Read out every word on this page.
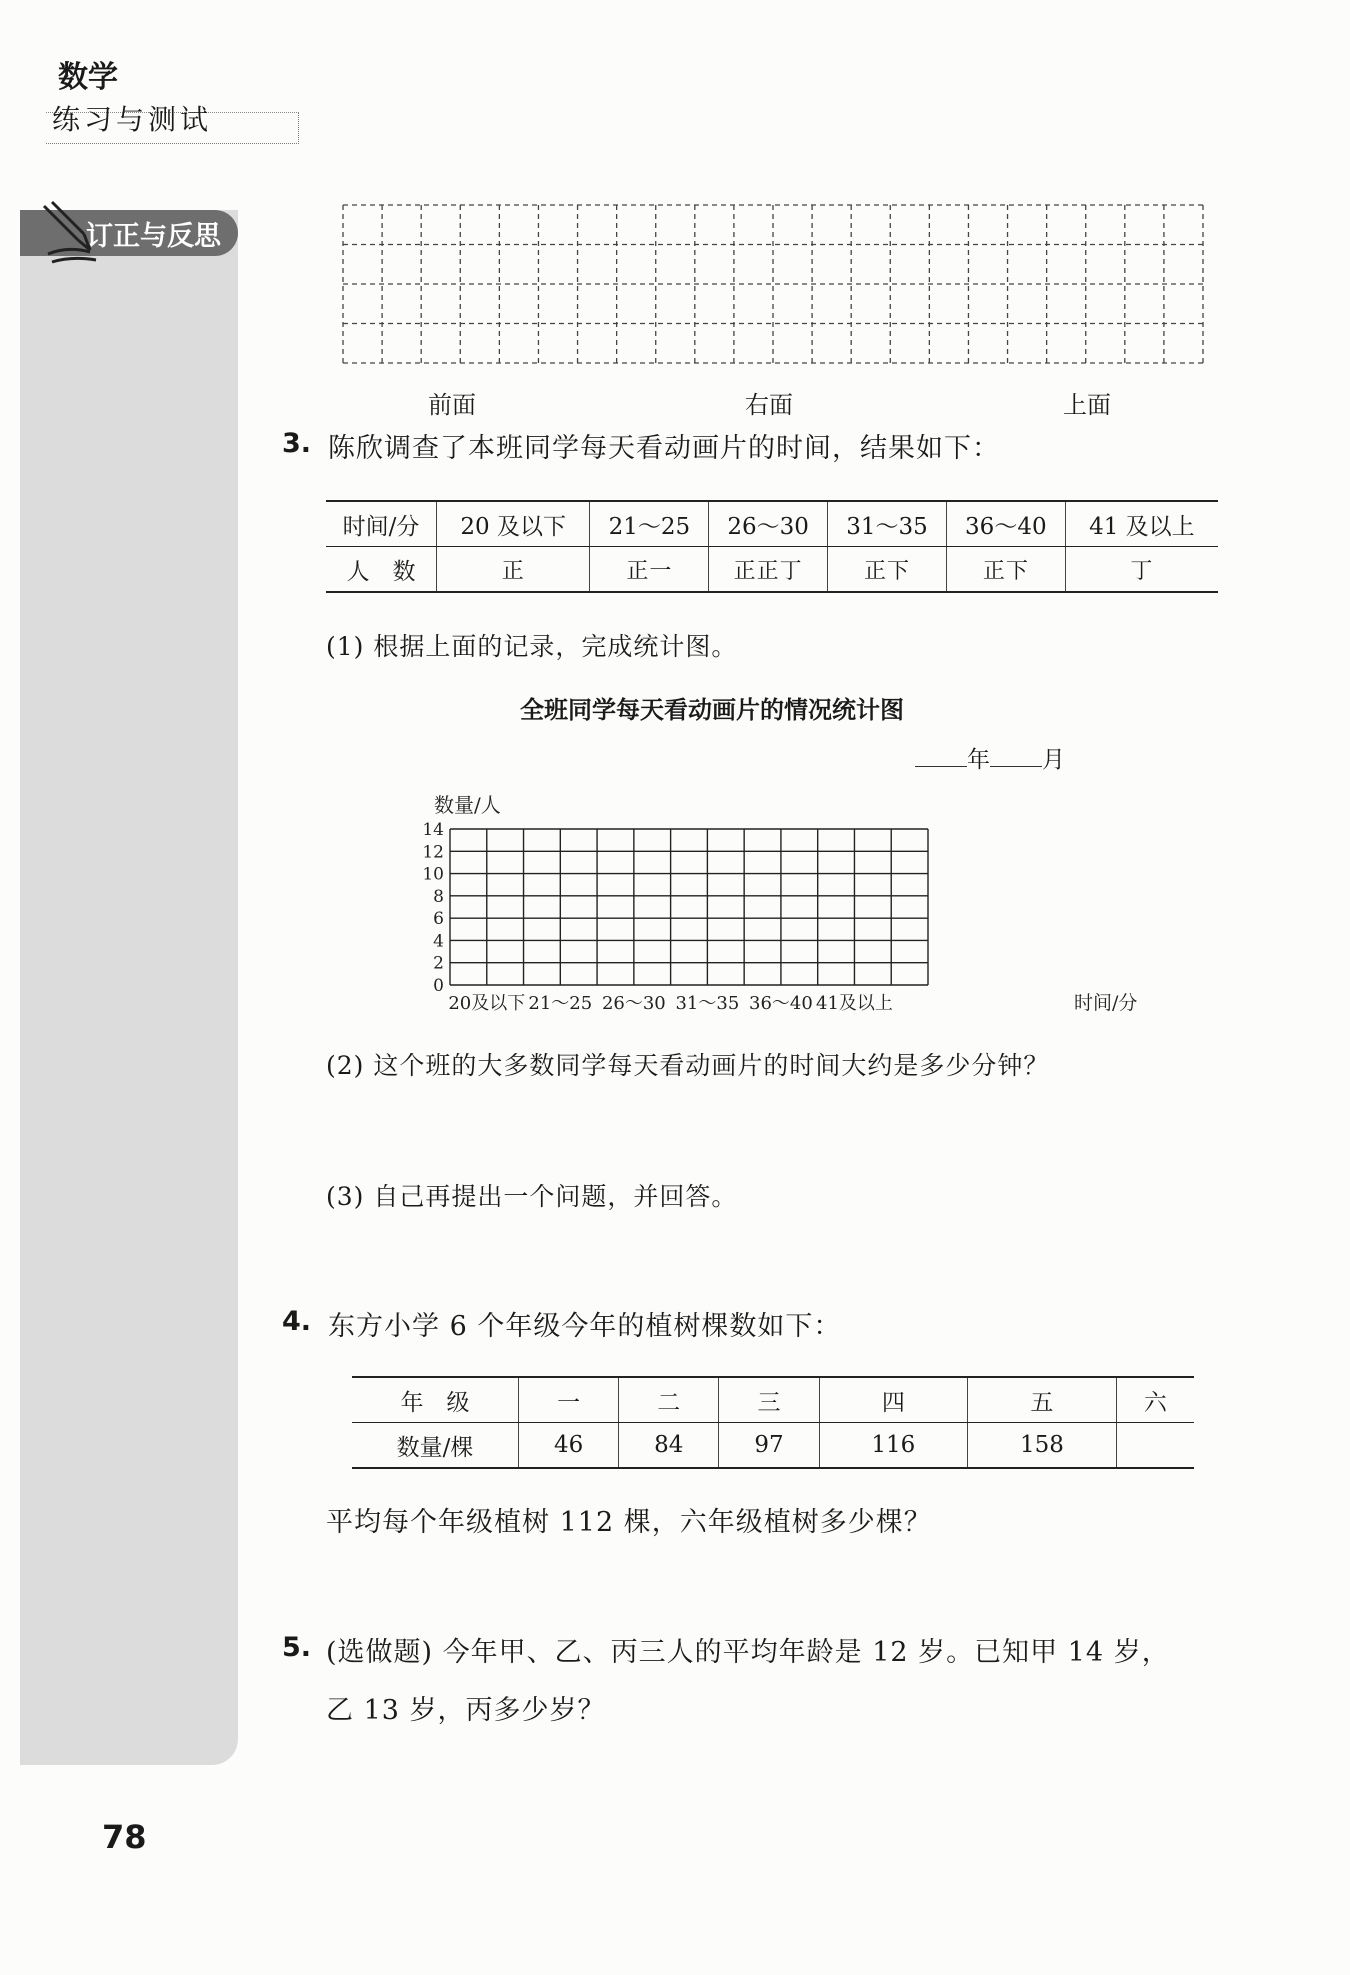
数学
练习与测试
订正与反思
前面	右面	上面
3. 陈欣调查了本班同学每天看动画片的时间，结果如下：
时间/分	20 及以下	21～25	26～30	31～35	36～40	41 及以上
人　数	正	正一	正正丁	正下	正下	丁
(1) 根据上面的记录，完成统计图。
全班同学每天看动画片的情况统计图
年 月
数量/人
0
2
4
6
8
10
12
14
20及以下 21～25 26～30 31～35 36～40 41及以上	时间/分
(2) 这个班的大多数同学每天看动画片的时间大约是多少分钟？
(3) 自己再提出一个问题，并回答。
4. 东方小学 6 个年级今年的植树棵数如下：
年　级	一	二	三	四	五	六
数量/棵	46	84	97	116	158	
平均每个年级植树 112 棵，六年级植树多少棵？
5. (选做题) 今年甲、乙、丙三人的平均年龄是 12 岁。已知甲 14 岁，
乙 13 岁，丙多少岁？
78
